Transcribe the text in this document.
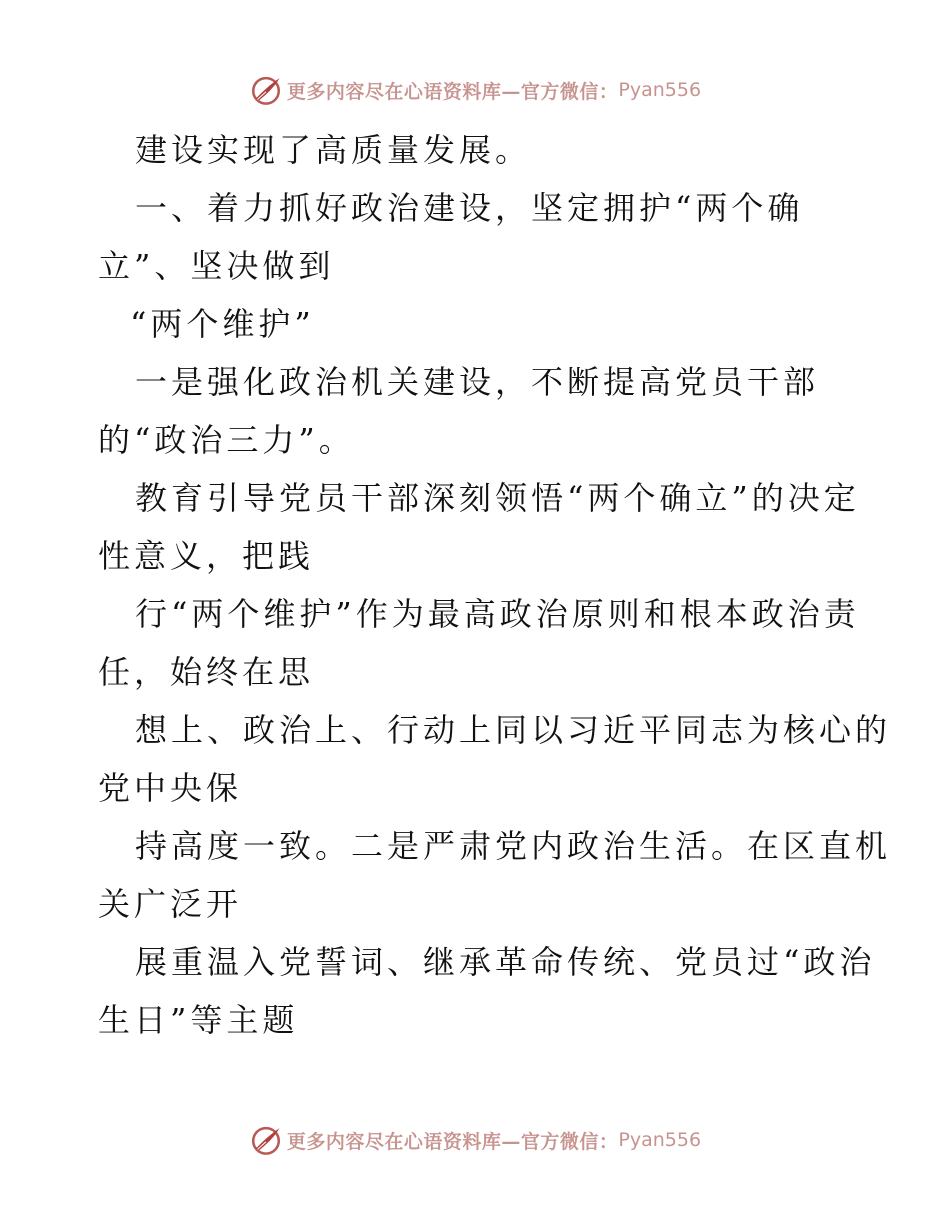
更多内容尽在心语资料库—官方微信： Pyan556
建设实现了高质量发展。
一、着力抓好政治建设，坚定拥护“两个确
立”、坚决做到
“两个维护”
一是强化政治机关建设，不断提高党员干部
的“政治三力”。
教育引导党员干部深刻领悟“两个确立”的决定
性意义，把践
行“两个维护”作为最高政治原则和根本政治责
任，始终在思
想上、政治上、行动上同以习近平同志为核心的
党中央保
持高度一致。二是严肃党内政治生活。在区直机
关广泛开
展重温入党誓词、继承革命传统、党员过“政治
生日”等主题
更多内容尽在心语资料库—官方微信： Pyan556
